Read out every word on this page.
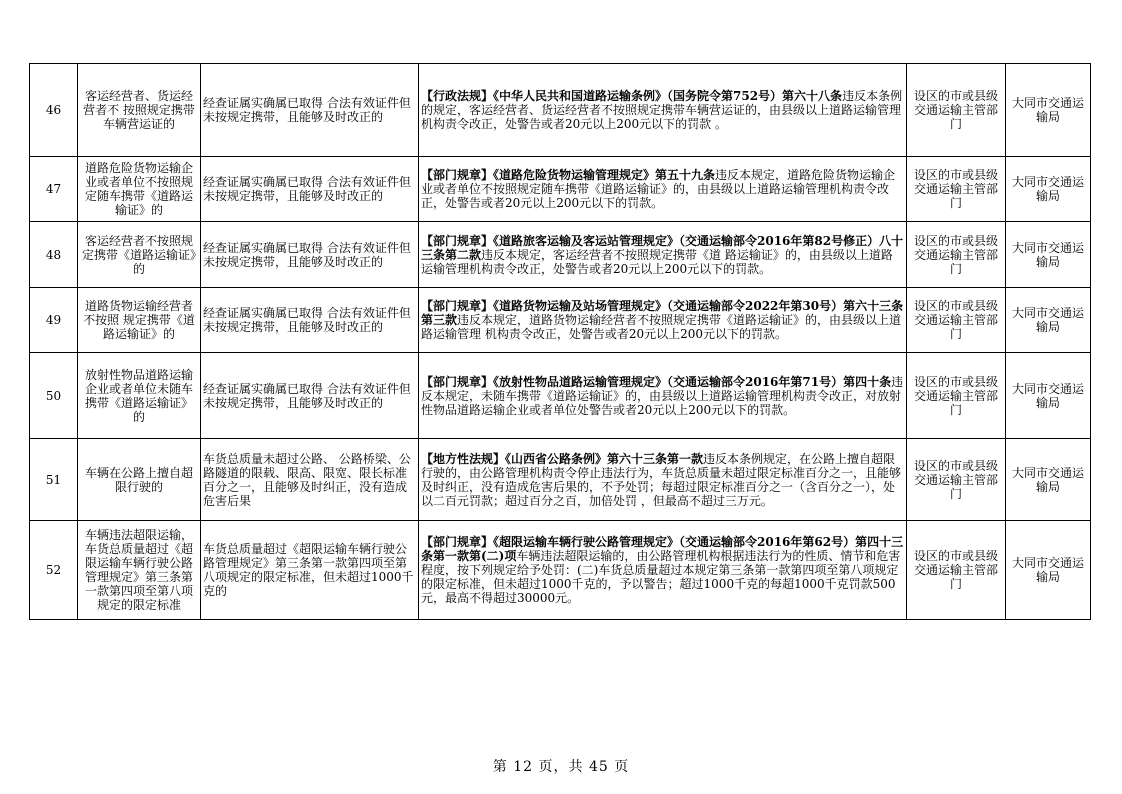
46	客运经营者、货运经营者不 按照规定携带车辆营运证的	经查证属实确属已取得 合法有效证件但未按规定携带，且能够及时改正的	【行政法规】《中华人民共和国道路运输条例》（国务院令第752号）第六十八条违反本条例的规定，客运经营者、货运经营者不按照规定携带车辆营运证的，由县级以上道路运输管理机构责令改正，处警告或者20元以上200元以下的罚款 。	设区的市或县级交通运输主管部门	大同市交通运输局
47	道路危险货物运输企业或者单位不按照规定随车携带《道路运输证》的	经查证属实确属已取得 合法有效证件但未按规定携带，且能够及时改正的	【部门规章】《道路危险货物运输管理规定》第五十九条违反本规定，道路危险货物运输企业或者单位不按照规定随车携带《道路运输证》的，由县级以上道路运输管理机构责令改正，处警告或者20元以上200元以下的罚款。	设区的市或县级交通运输主管部门	大同市交通运输局
48	客运经营者不按照规定携带《道路运输证》的	经查证属实确属已取得 合法有效证件但未按规定携带，且能够及时改正的	【部门规章】《道路旅客运输及客运站管理规定》（交通运输部令2016年第82号修正）八十三条第二款违反本规定，客运经营者不按照规定携带《道 路运输证》的，由县级以上道路运输管理机构责令改正，处警告或者20元以上200元以下的罚款。	设区的市或县级交通运输主管部门	大同市交通运输局
49	道路货物运输经营者不按照 规定携带《道路运输证》的	经查证属实确属已取得 合法有效证件但未按规定携带，且能够及时改正的	【部门规章】《道路货物运输及站场管理规定》（交通运输部令2022年第30号）第六十三条第三款违反本规定，道路货物运输经营者不按照规定携带《道路运输证》的，由县级以上道路运输管理 机构责令改正，处警告或者20元以上200元以下的罚款。	设区的市或县级交通运输主管部门	大同市交通运输局
50	放射性物品道路运输企业或者单位未随车携带《道路运输证》的	经查证属实确属已取得 合法有效证件但未按规定携带，且能够及时改正的	【部门规章】《放射性物品道路运输管理规定》（交通运输部令2016年第71号）第四十条违反本规定，未随车携带《道路运输证》的，由县级以上道路运输管理机构责令改正，对放射性物品道路运输企业或者单位处警告或者20元以上200元以下的罚款。	设区的市或县级交通运输主管部门	大同市交通运输局
51	车辆在公路上擅自超限行驶的	车货总质量未超过公路、 公路桥梁、公路隧道的限载、限高、限宽、限长标准百分之一，且能够及时纠正，没有造成危害后果	【地方性法规】《山西省公路条例》第六十三条第一款违反本条例规定，在公路上擅自超限行驶的，由公路管理机构责令停止违法行为，车货总质量未超过限定标准百分之一，且能够及时纠正，没有造成危害后果的，不予处罚；每超过限定标准百分之一（含百分之一），处以二百元罚款；超过百分之百，加倍处罚 ，但最高不超过三万元。	设区的市或县级交通运输主管部门	大同市交通运输局
52	车辆违法超限运输，车货总质量超过《超限运输车辆行驶公路管理规定》第三条第一款第四项至第八项规定的限定标准	车货总质量超过《超限运输车辆行驶公路管理规定》第三条第一款第四项至第八项规定的限定标准，但未超过1000千克的	【部门规章】《超限运输车辆行驶公路管理规定》（交通运输部令2016年第62号）第四十三条第一款第(二)项车辆违法超限运输的，由公路管理机构根据违法行为的性质、情节和危害程度，按下列规定给予处罚：(二)车货总质量超过本规定第三条第一款第四项至第八项规定的限定标准，但未超过1000千克的，予以警告；超过1000千克的每超1000千克罚款500元，最高不得超过30000元。	设区的市或县级交通运输主管部门	大同市交通运输局
第 12 页，共 45 页
